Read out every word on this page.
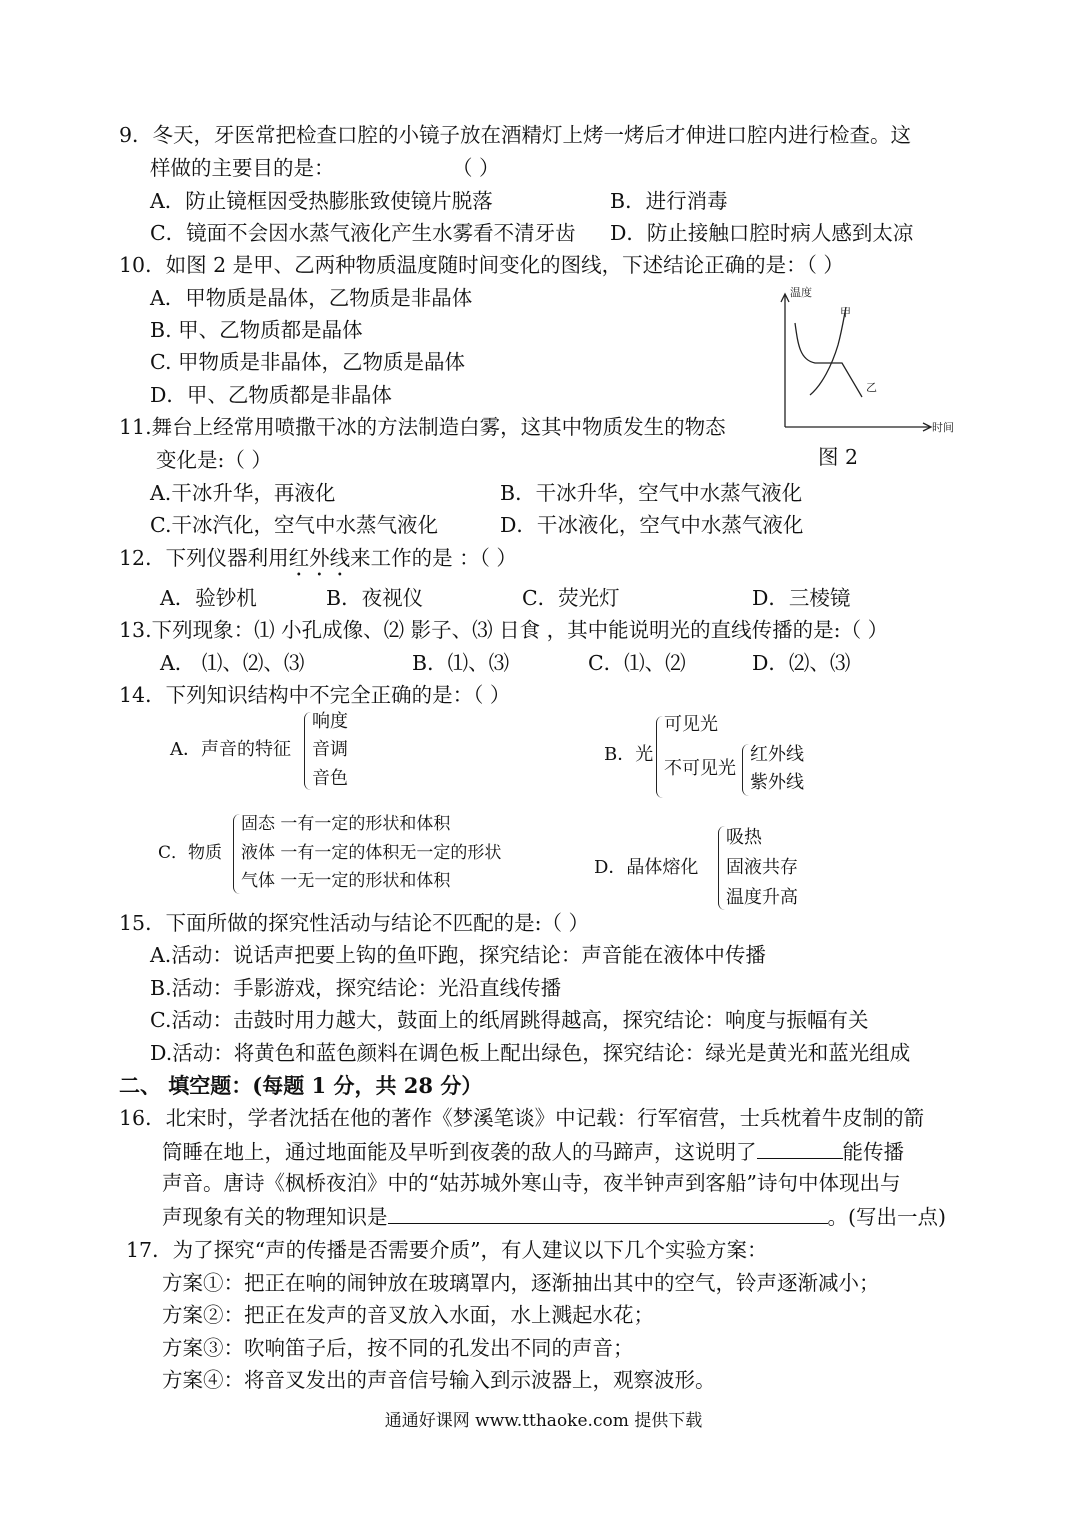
9．冬天，牙医常把检查口腔的小镜子放在酒精灯上烤一烤后才伸进口腔内进行检查。这
样做的主要目的是：	（ ）
A．防止镜框因受热膨胀致使镜片脱落	B．进行消毒
C．镜面不会因水蒸气液化产生水雾看不清牙齿 D．防止接触口腔时病人感到太凉
10．如图 2 是甲、乙两种物质温度随时间变化的图线，下述结论正确的是：（ ）
A．甲物质是晶体，乙物质是非晶体
B. 甲、乙物质都是晶体
C. 甲物质是非晶体，乙物质是晶体
D．甲、乙物质都是非晶体
温度
甲
乙
时间
图 2
11.舞台上经常用喷撒干冰的方法制造白雾，这其中物质发生的物态
变化是:（ ）
A.干冰升华，再液化	B．干冰升华，空气中水蒸气液化
C.干冰汽化，空气中水蒸气液化	D．干冰液化，空气中水蒸气液化
12．下列仪器利用红外线来工作的是 ：（ ）
A．验钞机	B．夜视仪	C．荧光灯	D．三棱镜
13.下列现象：⑴ 小孔成像、⑵ 影子、⑶ 日食 ，其中能说明光的直线传播的是:（ ）
A． ⑴、⑵、⑶	B．⑴、⑶	C．⑴、⑵	D．⑵、⑶
14．下列知识结构中不完全正确的是：（ ）
A．声音的特征
响度
音调
音色
B．光
可见光
不可见光
红外线
紫外线
C．物质
固态 一有一定的形状和体积
液体 一有一定的体积无一定的形状
气体 一无一定的形状和体积
D．晶体熔化
吸热
固液共存
温度升高
15．下面所做的探究性活动与结论不匹配的是:（ ）
A.活动：说话声把要上钩的鱼吓跑，探究结论：声音能在液体中传播
B.活动：手影游戏，探究结论：光沿直线传播
C.活动：击鼓时用力越大，鼓面上的纸屑跳得越高，探究结论：响度与振幅有关
D.活动：将黄色和蓝色颜料在调色板上配出绿色，探究结论：绿光是黄光和蓝光组成
二、 填空题：(每题 1 分，共 28 分）
16．北宋时，学者沈括在他的著作《梦溪笔谈》中记载：行军宿营，士兵枕着牛皮制的箭
筒睡在地上，通过地面能及早听到夜袭的敌人的马蹄声，这说明了	能传播
声音。唐诗《枫桥夜泊》中的“姑苏城外寒山寺，夜半钟声到客船”诗句中体现出与
声现象有关的物理知识是	。(写出一点)
17．为了探究“声的传播是否需要介质”，有人建议以下几个实验方案：
方案①：把正在响的闹钟放在玻璃罩内，逐渐抽出其中的空气，铃声逐渐减小；
方案②：把正在发声的音叉放入水面，水上溅起水花；
方案③：吹响笛子后，按不同的孔发出不同的声音；
方案④：将音叉发出的声音信号输入到示波器上，观察波形。
通通好课网 www.tthaoke.com 提供下载
